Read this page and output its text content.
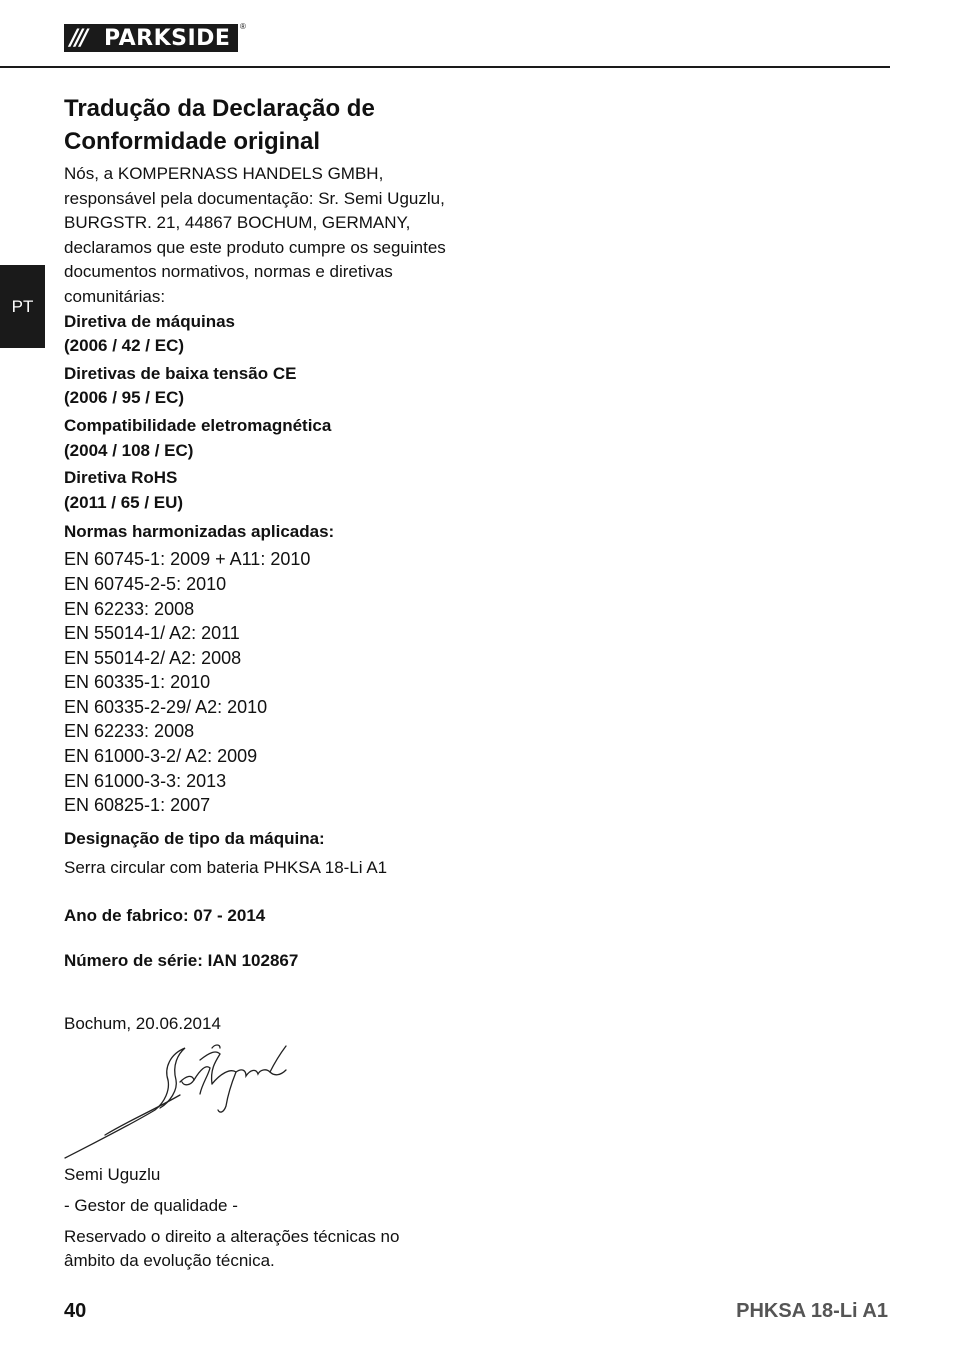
/// PARKSIDE ®
PT
Tradução da Declaração de
Conformidade original
Nós, a KOMPERNASS HANDELS GMBH,
responsável pela documentação: Sr. Semi Uguzlu,
BURGSTR. 21, 44867 BOCHUM, GERMANY,
declaramos que este produto cumpre os seguintes
documentos normativos, normas e diretivas
comunitárias:
Diretiva de máquinas
(2006 / 42 / EC)
Diretivas de baixa tensão CE
(2006 / 95 / EC)
Compatibilidade eletromagnética
(2004 / 108 / EC)
Diretiva RoHS
(2011 / 65 / EU)
Normas harmonizadas aplicadas:
EN 60745-1: 2009 + A11: 2010
EN 60745-2-5: 2010
EN 62233: 2008
EN 55014-1/ A2: 2011
EN 55014-2/ A2: 2008
EN 60335-1: 2010
EN 60335-2-29/ A2: 2010
EN 62233: 2008
EN 61000-3-2/ A2: 2009
EN 61000-3-3: 2013
EN 60825-1: 2007
Designação de tipo da máquina:
Serra circular com bateria PHKSA 18-Li A1
Ano de fabrico: 07 - 2014
Número de série: IAN 102867
Bochum, 20.06.2014
Semi Uguzlu
- Gestor de qualidade -
Reservado o direito a alterações técnicas no
âmbito da evolução técnica.
40	PHKSA 18-Li A1
